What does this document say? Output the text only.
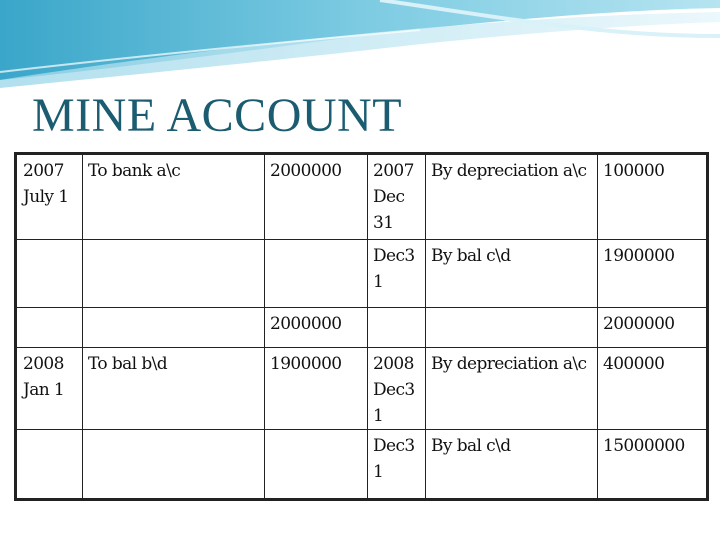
MINE ACCOUNT
2007 July 1	To bank a\c	2000000	2007 Dec 31	By depreciation a\c	100000
			Dec3 1	By bal c\d	1900000
		2000000			2000000
2008 Jan 1	To bal b\d	1900000	2008 Dec3 1	By depreciation a\c	400000
			Dec3 1	By bal c\d	15000000
